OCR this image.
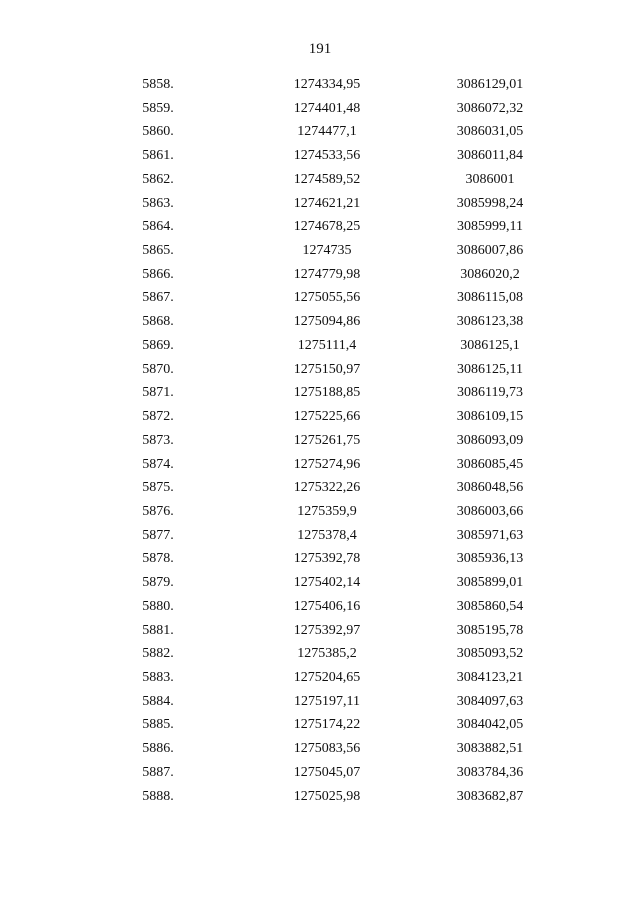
191
5858.	1274334,95	3086129,01
5859.	1274401,48	3086072,32
5860.	1274477,1	3086031,05
5861.	1274533,56	3086011,84
5862.	1274589,52	3086001
5863.	1274621,21	3085998,24
5864.	1274678,25	3085999,11
5865.	1274735	3086007,86
5866.	1274779,98	3086020,2
5867.	1275055,56	3086115,08
5868.	1275094,86	3086123,38
5869.	1275111,4	3086125,1
5870.	1275150,97	3086125,11
5871.	1275188,85	3086119,73
5872.	1275225,66	3086109,15
5873.	1275261,75	3086093,09
5874.	1275274,96	3086085,45
5875.	1275322,26	3086048,56
5876.	1275359,9	3086003,66
5877.	1275378,4	3085971,63
5878.	1275392,78	3085936,13
5879.	1275402,14	3085899,01
5880.	1275406,16	3085860,54
5881.	1275392,97	3085195,78
5882.	1275385,2	3085093,52
5883.	1275204,65	3084123,21
5884.	1275197,11	3084097,63
5885.	1275174,22	3084042,05
5886.	1275083,56	3083882,51
5887.	1275045,07	3083784,36
5888.	1275025,98	3083682,87
